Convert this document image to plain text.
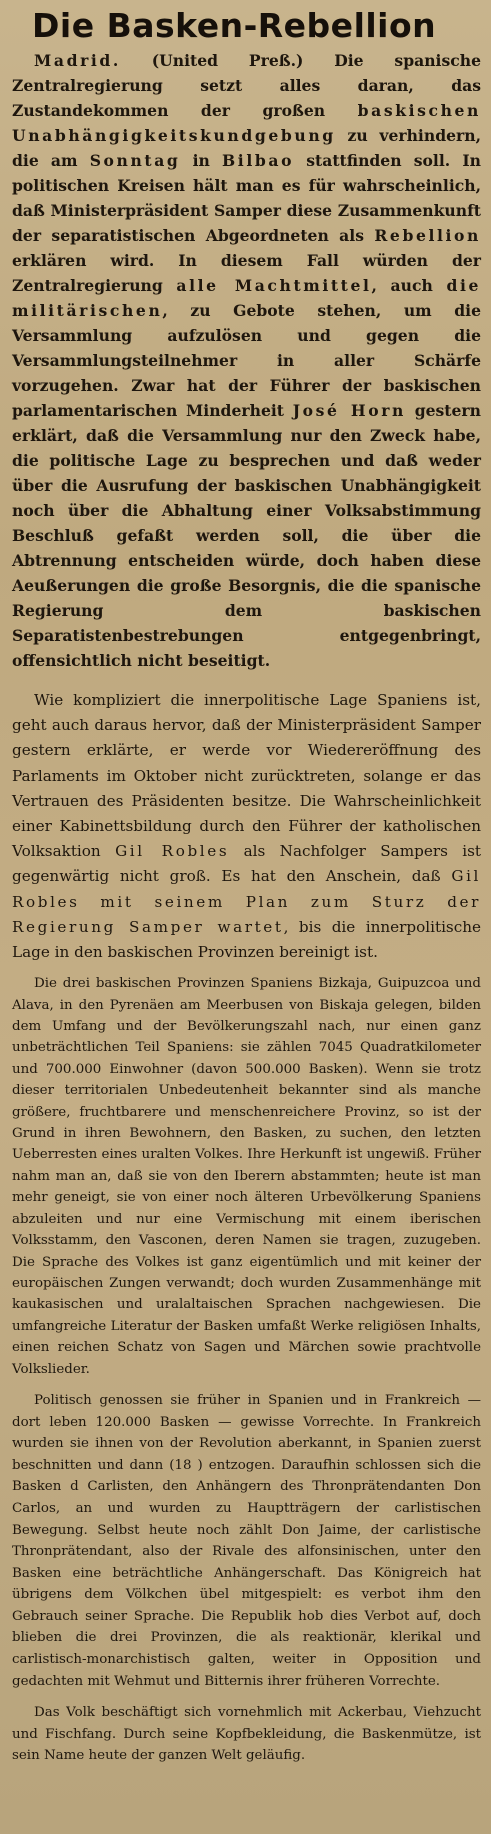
Die Basken-Rebellion

Madrid. (United Preß.) Die spanische Zentralregierung setzt alles daran, das Zustandekommen der großen baskischen Unabhängigkeitskundgebung zu verhindern, die am Sonntag in Bilbao stattfinden soll. In politischen Kreisen hält man es für wahrscheinlich, daß Ministerpräsident Samper diese Zusammenkunft der separatistischen Abgeordneten als Rebellion erklären wird. In diesem Fall würden der Zentralregierung alle Machtmittel, auch die militärischen, zu Gebote stehen, um die Versammlung aufzulösen und gegen die Versammlungsteilnehmer in aller Schärfe vorzugehen. Zwar hat der Führer der baskischen parlamentarischen Minderheit José Horn gestern erklärt, daß die Versammlung nur den Zweck habe, die politische Lage zu besprechen und daß weder über die Ausrufung der baskischen Unabhängigkeit noch über die Abhaltung einer Volksabstimmung Beschluß gefaßt werden soll, die über die Abtrennung entscheiden würde, doch haben diese Aeußerungen die große Besorgnis, die die spanische Regierung dem baskischen Separatistenbestrebungen entgegenbringt, offensichtlich nicht beseitigt.

Wie kompliziert die innerpolitische Lage Spaniens ist, geht auch daraus hervor, daß der Ministerpräsident Samper gestern erklärte, er werde vor Wiedereröffnung des Parlaments im Oktober nicht zurücktreten, solange er das Vertrauen des Präsidenten besitze. Die Wahrscheinlichkeit einer Kabinettsbildung durch den Führer der katholischen Volksaktion Gil Robles als Nachfolger Sampers ist gegenwärtig nicht groß. Es hat den Anschein, daß Gil Robles mit seinem Plan zum Sturz der Regierung Samper wartet, bis die innerpolitische Lage in den baskischen Provinzen bereinigt ist.

Die drei baskischen Provinzen Spaniens Bizkaja, Guipuzcoa und Alava, in den Pyrenäen am Meerbusen von Biskaja gelegen, bilden dem Umfang und der Bevölkerungszahl nach, nur einen ganz unbeträchtlichen Teil Spaniens: sie zählen 7045 Quadratkilometer und 700.000 Einwohner (davon 500.000 Basken). Wenn sie trotz dieser territorialen Unbedeutenheit bekannter sind als manche größere, fruchtbarere und menschenreichere Provinz, so ist der Grund in ihren Bewohnern, den Basken, zu suchen, den letzten Ueberresten eines uralten Volkes. Ihre Herkunft ist ungewiß. Früher nahm man an, daß sie von den Iberern abstammten; heute ist man mehr geneigt, sie von einer noch älteren Urbevölkerung Spaniens abzuleiten und nur eine Vermischung mit einem iberischen Volksstamm, den Vasconen, deren Namen sie tragen, zuzugeben. Die Sprache des Volkes ist ganz eigentümlich und mit keiner der europäischen Zungen verwandt; doch wurden Zusammenhänge mit kaukasischen und uralaltaischen Sprachen nachgewiesen. Die umfangreiche Literatur der Basken umfaßt Werke religiösen Inhalts, einen reichen Schatz von Sagen und Märchen sowie prachtvolle Volkslieder.

Politisch genossen sie früher in Spanien und in Frankreich — dort leben 120.000 Basken — gewisse Vorrechte. In Frankreich wurden sie ihnen von der Revolution aberkannt, in Spanien zuerst beschnitten und dann (18 ) entzogen. Daraufhin schlossen sich die Basken d Carlisten, den Anhängern des Thronprätendanten Don Carlos, an und wurden zu Hauptträgern der carlistischen Bewegung. Selbst heute noch zählt Don Jaime, der carlistische Thronprätendant, also der Rivale des alfonsinischen, unter den Basken eine beträchtliche Anhängerschaft. Das Königreich hat übrigens dem Völkchen übel mitgespielt: es verbot ihm den Gebrauch seiner Sprache. Die Republik hob dies Verbot auf, doch blieben die drei Provinzen, die als reaktionär, klerikal und carlistisch-monarchistisch galten, weiter in Opposition und gedachten mit Wehmut und Bitternis ihrer früheren Vorrechte.

Das Volk beschäftigt sich vornehmlich mit Ackerbau, Viehzucht und Fischfang. Durch seine Kopfbekleidung, die Baskenmütze, ist sein Name heute der ganzen Welt geläufig.
